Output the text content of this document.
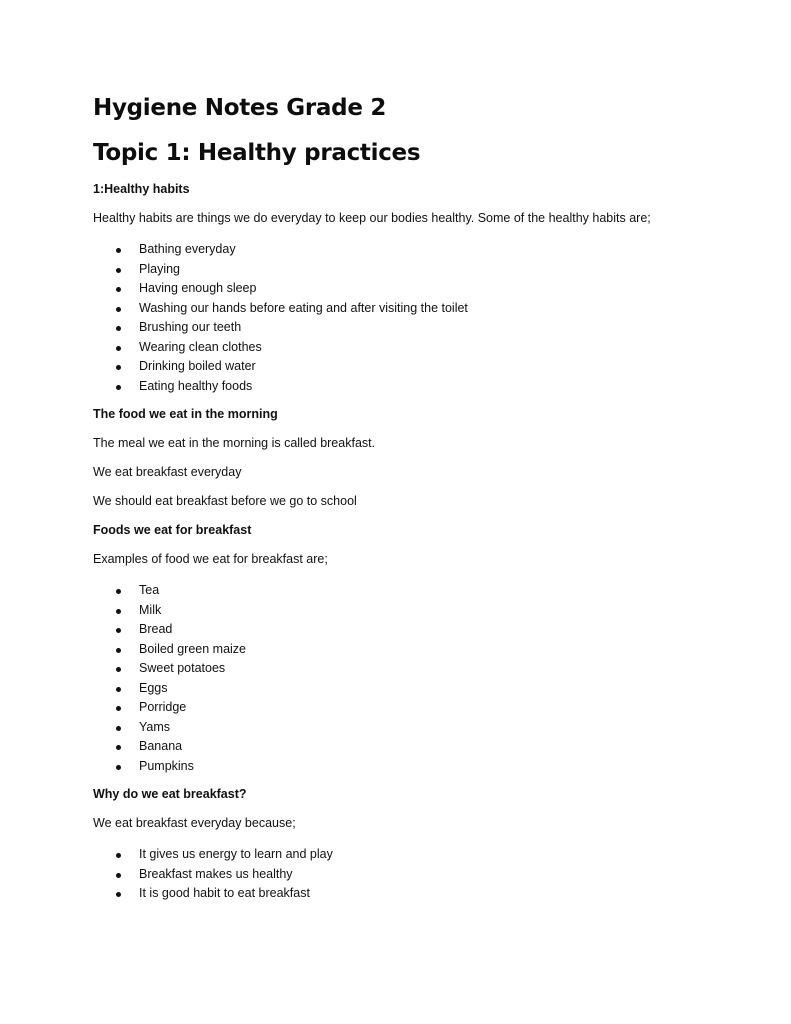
Hygiene Notes Grade 2
Topic 1: Healthy practices

1:Healthy habits

Healthy habits are things we do everyday to keep our bodies healthy. Some of the healthy habits are;

Bathing everyday
Playing
Having enough sleep
Washing our hands before eating and after visiting the toilet
Brushing our teeth
Wearing clean clothes
Drinking boiled water
Eating healthy foods

The food we eat in the morning

The meal we eat in the morning is called breakfast.

We eat breakfast everyday

We should eat breakfast before we go to school

Foods we eat for breakfast

Examples of food we eat for breakfast are;

Tea
Milk
Bread
Boiled green maize
Sweet potatoes
Eggs
Porridge
Yams
Banana
Pumpkins

Why do we eat breakfast?

We eat breakfast everyday because;

It gives us energy to learn and play
Breakfast makes us healthy
It is good habit to eat breakfast
